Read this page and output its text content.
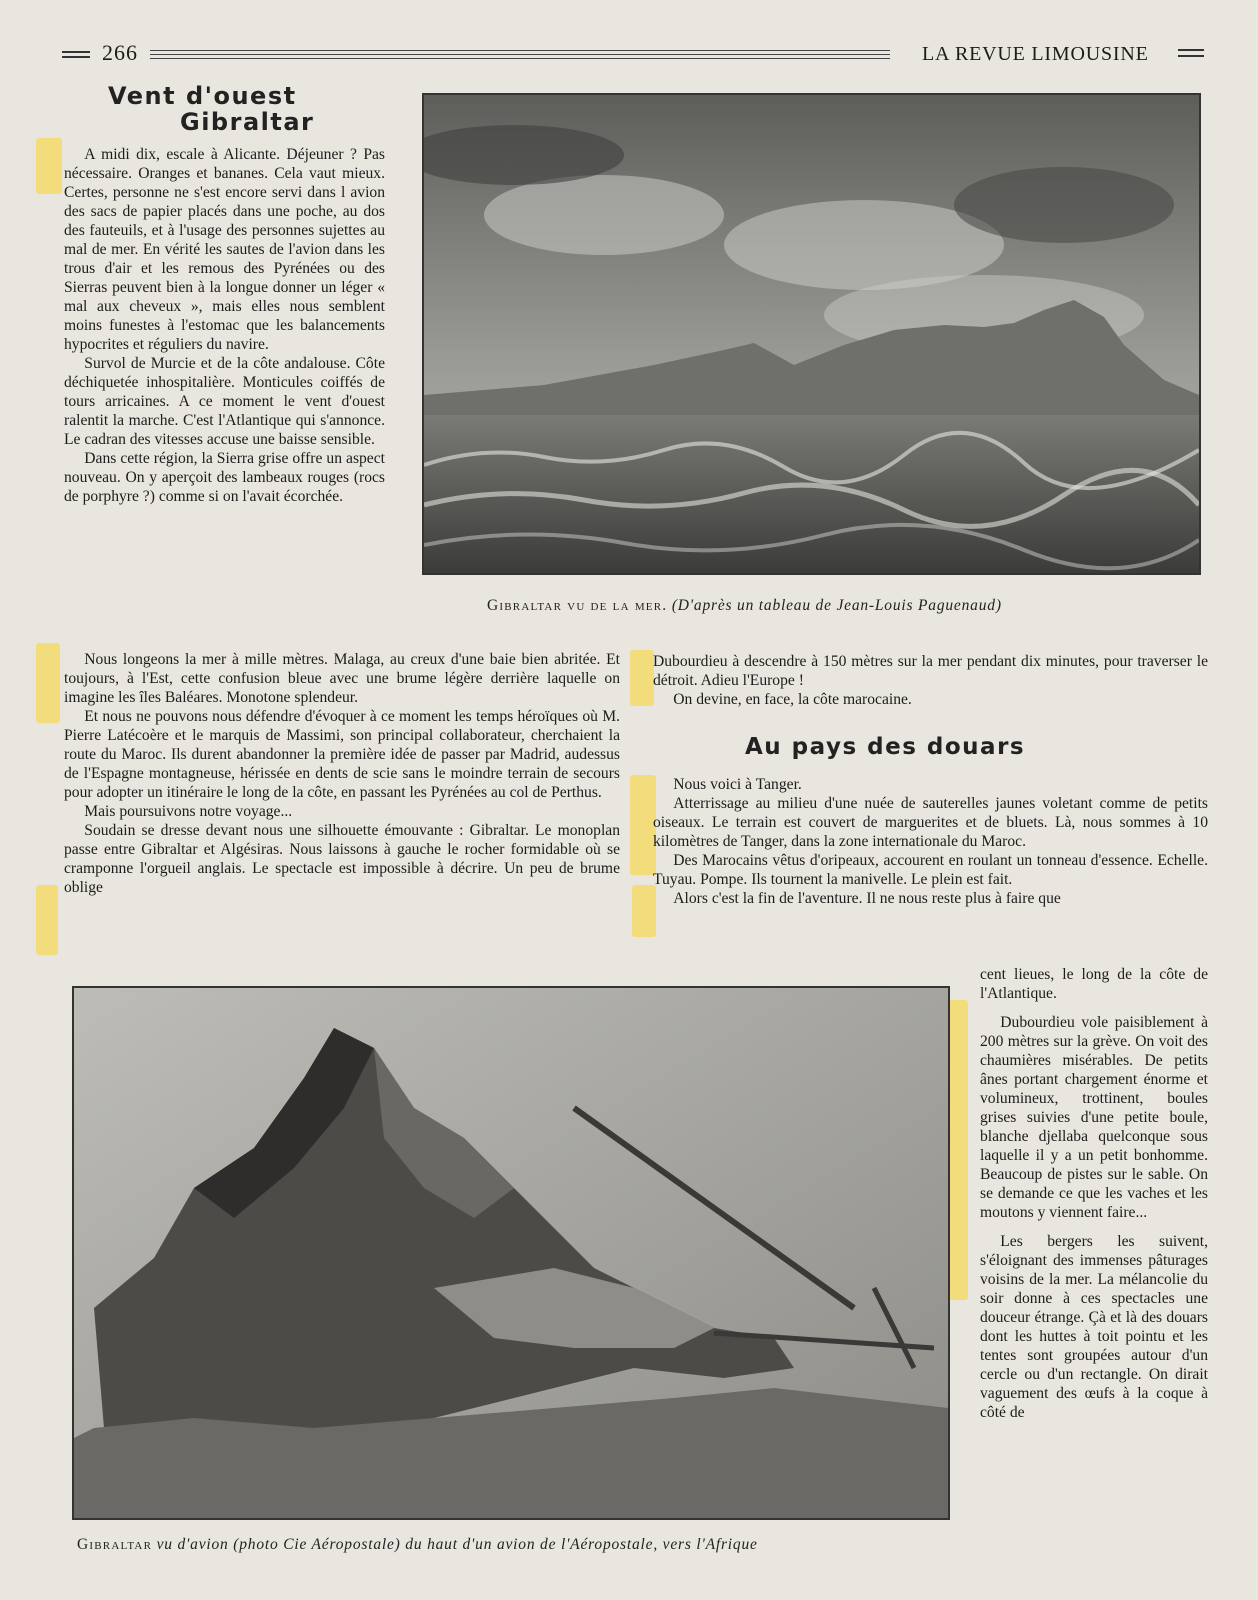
266	LA REVUE LIMOUSINE
Vent d'ouest
Gibraltar

A midi dix, escale à Alicante. Déjeuner ? Pas nécessaire. Oranges et bananes. Cela vaut mieux. Certes, personne ne s'est encore servi dans l avion des sacs de papier placés dans une poche, au dos des fauteuils, et à l'usage des personnes sujettes au mal de mer. En vérité les sautes de l'avion dans les trous d'air et les remous des Pyrénées ou des Sierras peuvent bien à la longue donner un léger « mal aux cheveux », mais elles nous semblent moins funestes à l'estomac que les balancements hypocrites et réguliers du navire.

Survol de Murcie et de la côte andalouse. Côte déchiquetée inhospitalière. Monticules coiffés de tours arricaines. A ce moment le vent d'ouest ralentit la marche. C'est l'Atlantique qui s'annonce. Le cadran des vitesses accuse une baisse sensible.

Dans cette région, la Sierra grise offre un aspect nouveau. On y aperçoit des lambeaux rouges (rocs de porphyre ?) comme si on l'avait écorchée.

Gibraltar vu de la mer. (D'après un tableau de Jean-Louis Paguenaud)

Nous longeons la mer à mille mètres. Malaga, au creux d'une baie bien abritée. Et toujours, à l'Est, cette confusion bleue avec une brume légère derrière laquelle on imagine les îles Baléares. Monotone splendeur.

Et nous ne pouvons nous défendre d'évoquer à ce moment les temps héroïques où M. Pierre Latécoère et le marquis de Massimi, son principal collaborateur, cherchaient la route du Maroc. Ils durent abandonner la première idée de passer par Madrid, audessus de l'Espagne montagneuse, hérissée en dents de scie sans le moindre terrain de secours pour adopter un itinéraire le long de la côte, en passant les Pyrénées au col de Perthus.

Mais poursuivons notre voyage...

Soudain se dresse devant nous une silhouette émouvante : Gibraltar. Le monoplan passe entre Gibraltar et Algésiras. Nous laissons à gauche le rocher formidable où se cramponne l'orgueil anglais. Le spectacle est impossible à décrire. Un peu de brume oblige

Dubourdieu à descendre à 150 mètres sur la mer pendant dix minutes, pour traverser le détroit. Adieu l'Europe !

On devine, en face, la côte marocaine.

Au pays des douars

Nous voici à Tanger.

Atterrissage au milieu d'une nuée de sauterelles jaunes voletant comme de petits oiseaux. Le terrain est couvert de marguerites et de bluets. Là, nous sommes à 10 kilomètres de Tanger, dans la zone internationale du Maroc.

Des Marocains vêtus d'oripeaux, accourent en roulant un tonneau d'essence. Echelle. Tuyau. Pompe. Ils tournent la manivelle. Le plein est fait.

Alors c'est la fin de l'aventure. Il ne nous reste plus à faire que

cent lieues, le long de la côte de l'Atlantique.

Dubourdieu vole paisiblement à 200 mètres sur la grève. On voit des chaumières misérables. De petits ânes portant chargement énorme et volumineux, trottinent, boules grises suivies d'une petite boule, blanche djellaba quelconque sous laquelle il y a un petit bonhomme. Beaucoup de pistes sur le sable. On se demande ce que les vaches et les moutons y viennent faire...

Les bergers les suivent, s'éloignant des immenses pâturages voisins de la mer. La mélancolie du soir donne à ces spectacles une douceur étrange. Çà et là des douars dont les huttes à toit pointu et les tentes sont groupées autour d'un cercle ou d'un rectangle. On dirait vaguement des œufs à la coque à côté de

Gibraltar vu d'avion (photo Cie Aéropostale) du haut d'un avion de l'Aéropostale, vers l'Afrique
